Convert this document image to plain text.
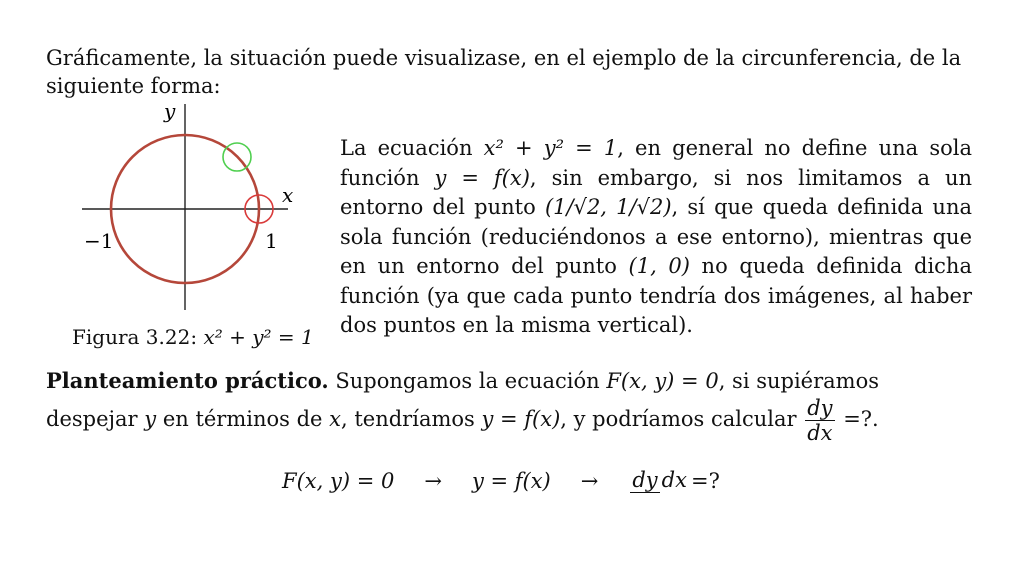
Gráficamente, la situación puede visualizase, en el ejemplo de la circunferencia, de la siguiente forma:
y
x
−1	1
Figura 3.22: x² + y² = 1
La ecuación x² + y² = 1, en general no define una sola función y = f(x), sin embargo, si nos limitamos a un entorno del punto (1/√2, 1/√2), sí que queda definida una sola función (reduciéndonos a ese entorno), mientras que en un entorno del punto (1, 0) no queda definida dicha función (ya que cada punto tendría dos imágenes, al haber dos puntos en la misma vertical).
Planteamiento práctico. Supongamos la ecuación F(x, y) = 0, si supiéramos despejar y en términos de x, tendríamos y = f(x), y podríamos calcular $\frac{dy}{dx}$ =?.
F(x, y) = 0 → y = f(x) → dy dx =?
